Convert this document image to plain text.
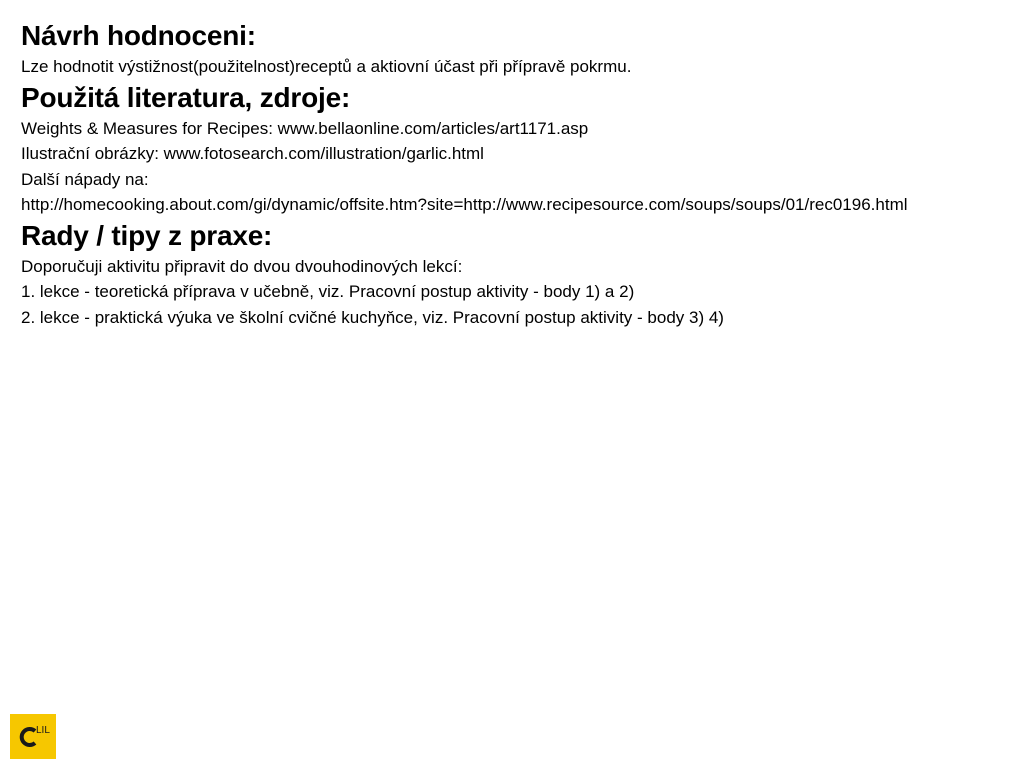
Návrh hodnoceni:

Lze hodnotit výstižnost(použitelnost)receptů a aktiovní účast při přípravě pokrmu.

Použitá literatura, zdroje:

Weights & Measures for Recipes: www.bellaonline.com/articles/art1171.asp

Ilustrační obrázky: www.fotosearch.com/illustration/garlic.html

Další nápady na:

http://homecooking.about.com/gi/dynamic/offsite.htm?site=http://www.recipesource.com/soups/soups/01/rec0196.html

Rady / tipy z praxe:

Doporučuji aktivitu připravit do dvou dvouhodinových lekcí:

1. lekce - teoretická příprava v učebně, viz. Pracovní postup aktivity - body 1) a 2)

2. lekce - praktická výuka ve školní cvičné kuchyňce, viz. Pracovní postup aktivity - body 3) 4)

LIL
